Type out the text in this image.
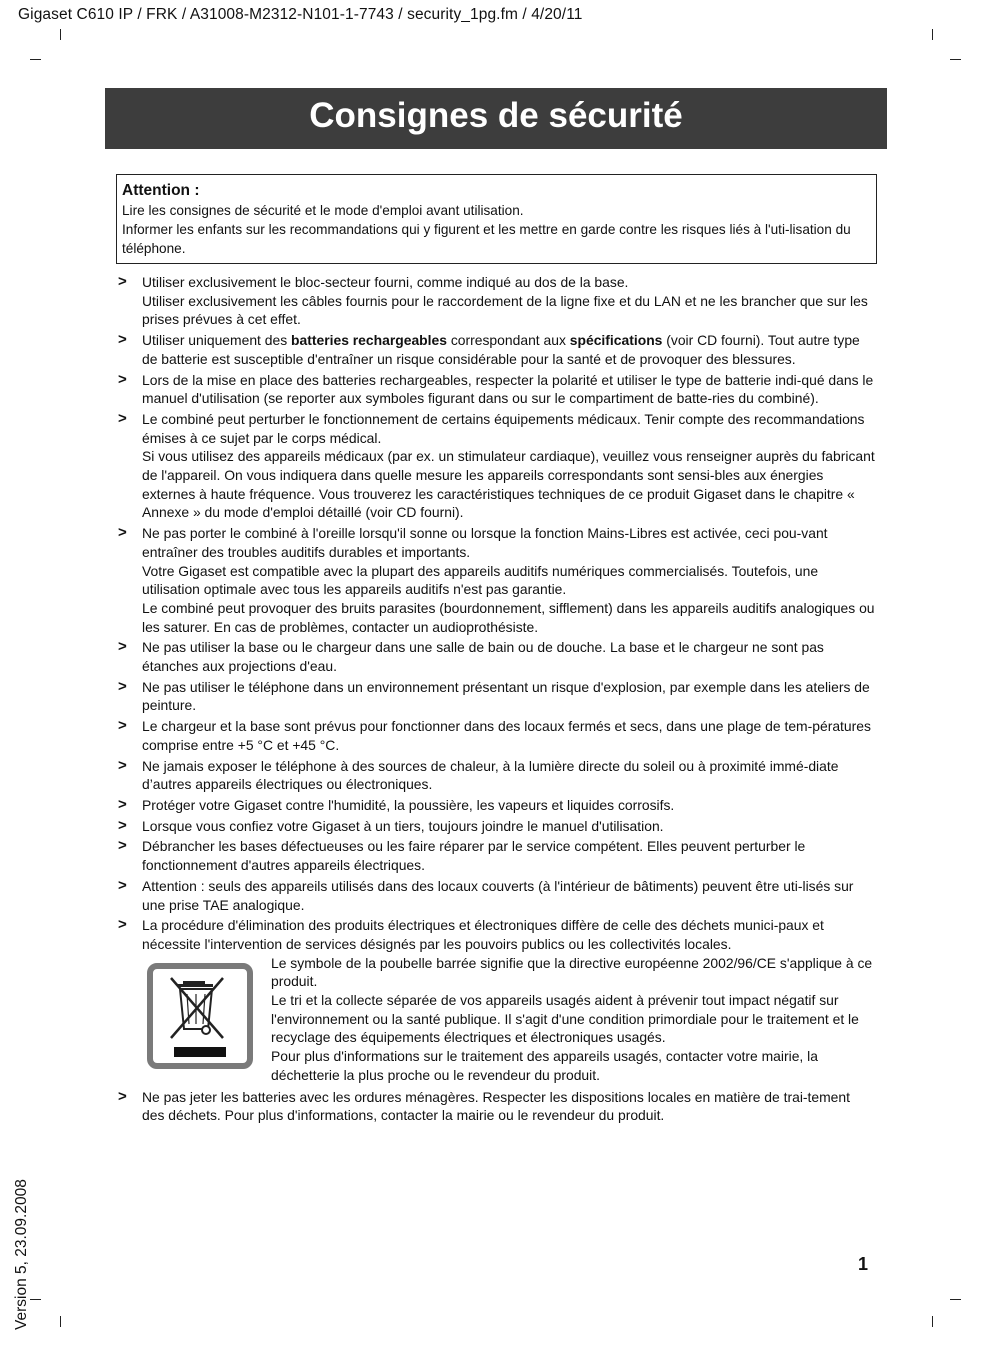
Gigaset C610 IP / FRK / A31008-M2312-N101-1-7743 / security_1pg.fm / 4/20/11
Consignes de sécurité
Attention :
Lire les consignes de sécurité et le mode d'emploi avant utilisation.
Informer les enfants sur les recommandations qui y figurent et les mettre en garde contre les risques liés à l'uti-lisation du téléphone.
> Utiliser exclusivement le bloc-secteur fourni, comme indiqué au dos de la base.

Utiliser exclusivement les câbles fournis pour le raccordement de la ligne fixe et du LAN et ne les brancher que sur les prises prévues à cet effet.

> Utiliser uniquement des batteries rechargeables correspondant aux spécifications (voir CD fourni). Tout autre type de batterie est susceptible d'entraîner un risque considérable pour la santé et de provoquer des blessures.

> Lors de la mise en place des batteries rechargeables, respecter la polarité et utiliser le type de batterie indi-qué dans le manuel d'utilisation (se reporter aux symboles figurant dans ou sur le compartiment de batte-ries du combiné).

> Le combiné peut perturber le fonctionnement de certains équipements médicaux. Tenir compte des recommandations émises à ce sujet par le corps médical.

Si vous utilisez des appareils médicaux (par ex. un stimulateur cardiaque), veuillez vous renseigner auprès du fabricant de l'appareil. On vous indiquera dans quelle mesure les appareils correspondants sont sensi-bles aux énergies externes à haute fréquence. Vous trouverez les caractéristiques techniques de ce produit Gigaset dans le chapitre « Annexe » du mode d'emploi détaillé (voir CD fourni).

> Ne pas porter le combiné à l'oreille lorsqu'il sonne ou lorsque la fonction Mains-Libres est activée, ceci pou-vant entraîner des troubles auditifs durables et importants.

Votre Gigaset est compatible avec la plupart des appareils auditifs numériques commercialisés. Toutefois, une utilisation optimale avec tous les appareils auditifs n'est pas garantie.

Le combiné peut provoquer des bruits parasites (bourdonnement, sifflement) dans les appareils auditifs analogiques ou les saturer. En cas de problèmes, contacter un audioprothésiste.

> Ne pas utiliser la base ou le chargeur dans une salle de bain ou de douche. La base et le chargeur ne sont pas étanches aux projections d'eau.

> Ne pas utiliser le téléphone dans un environnement présentant un risque d'explosion, par exemple dans les ateliers de peinture.

> Le chargeur et la base sont prévus pour fonctionner dans des locaux fermés et secs, dans une plage de tem-pératures comprise entre +5 °C et +45 °C.

> Ne jamais exposer le téléphone à des sources de chaleur, à la lumière directe du soleil ou à proximité immé-diate d’autres appareils électriques ou électroniques.

> Protéger votre Gigaset contre l'humidité, la poussière, les vapeurs et liquides corrosifs.

> Lorsque vous confiez votre Gigaset à un tiers, toujours joindre le manuel d'utilisation.

> Débrancher les bases défectueuses ou les faire réparer par le service compétent. Elles peuvent perturber le fonctionnement d'autres appareils électriques.

> Attention : seuls des appareils utilisés dans des locaux couverts (à l'intérieur de bâtiments) peuvent être uti-lisés sur une prise TAE analogique.

> La procédure d'élimination des produits électriques et électroniques diffère de celle des déchets munici-paux et nécessite l'intervention de services désignés par les pouvoirs publics ou les collectivités locales.

Le symbole de la poubelle barrée signifie que la directive européenne 2002/96/CE s'applique à ce produit.

Le tri et la collecte séparée de vos appareils usagés aident à prévenir tout impact négatif sur l'environnement ou la santé publique. Il s'agit d'une condition primordiale pour le traitement et le recyclage des équipements électriques et électroniques usagés.

Pour plus d'informations sur le traitement des appareils usagés, contacter votre mairie, la déchetterie la plus proche ou le revendeur du produit.

> Ne pas jeter les batteries avec les ordures ménagères. Respecter les dispositions locales en matière de trai-tement des déchets. Pour plus d'informations, contacter la mairie ou le revendeur du produit.

1
Version 5, 23.09.2008
